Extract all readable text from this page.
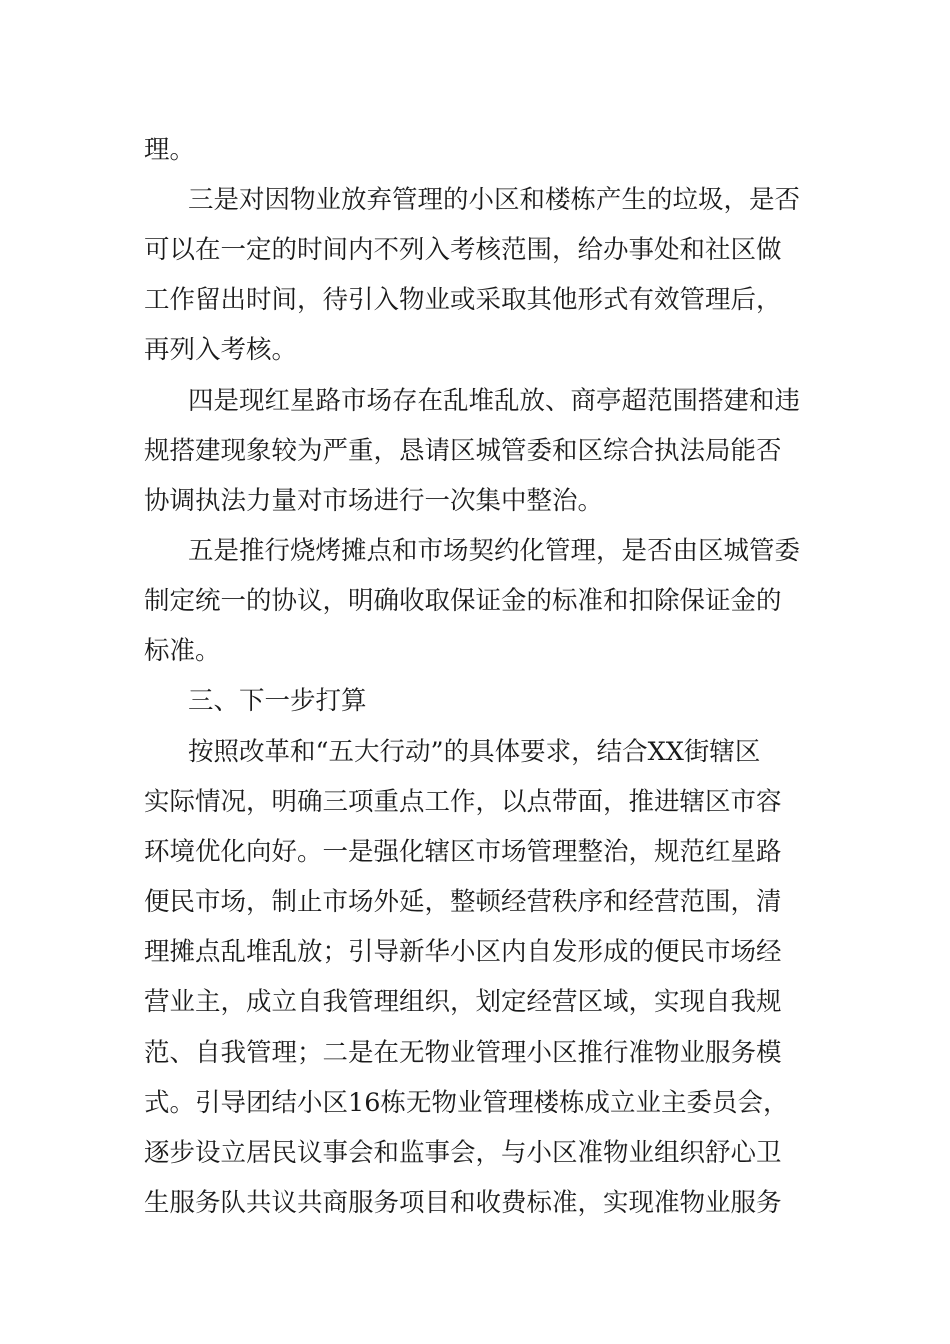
理。
三是对因物业放弃管理的小区和楼栋产生的垃圾，是否
可以在一定的时间内不列入考核范围，给办事处和社区做
工作留出时间，待引入物业或采取其他形式有效管理后，
再列入考核。
四是现红星路市场存在乱堆乱放、商亭超范围搭建和违
规搭建现象较为严重，恳请区城管委和区综合执法局能否
协调执法力量对市场进行一次集中整治。
五是推行烧烤摊点和市场契约化管理，是否由区城管委
制定统一的协议，明确收取保证金的标准和扣除保证金的
标准。
三、下一步打算
按照改革和“五大行动”的具体要求，结合XX街辖区
实际情况，明确三项重点工作，以点带面，推进辖区市容
环境优化向好。一是强化辖区市场管理整治，规范红星路
便民市场，制止市场外延，整顿经营秩序和经营范围，清
理摊点乱堆乱放；引导新华小区内自发形成的便民市场经
营业主，成立自我管理组织，划定经营区域，实现自我规
范、自我管理；二是在无物业管理小区推行准物业服务模
式。引导团结小区16栋无物业管理楼栋成立业主委员会，
逐步设立居民议事会和监事会，与小区准物业组织舒心卫
生服务队共议共商服务项目和收费标准，实现准物业服务
